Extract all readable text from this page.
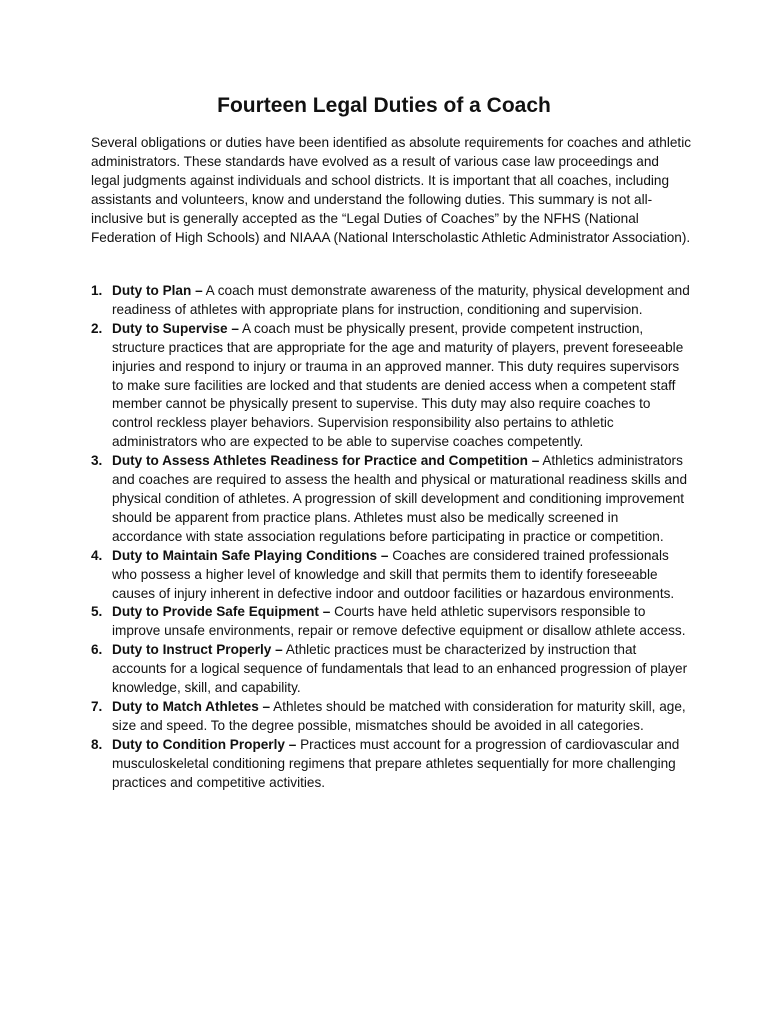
Fourteen Legal Duties of a Coach

Several obligations or duties have been identified as absolute requirements for coaches and athletic administrators. These standards have evolved as a result of various case law proceedings and legal judgments against individuals and school districts. It is important that all coaches, including assistants and volunteers, know and understand the following duties. This summary is not all-inclusive but is generally accepted as the “Legal Duties of Coaches” by the NFHS (National Federation of High Schools) and NIAAA (National Interscholastic Athletic Administrator Association).

1. Duty to Plan – A coach must demonstrate awareness of the maturity, physical development and readiness of athletes with appropriate plans for instruction, conditioning and supervision.
2. Duty to Supervise – A coach must be physically present, provide competent instruction, structure practices that are appropriate for the age and maturity of players, prevent foreseeable injuries and respond to injury or trauma in an approved manner. This duty requires supervisors to make sure facilities are locked and that students are denied access when a competent staff member cannot be physically present to supervise. This duty may also require coaches to control reckless player behaviors. Supervision responsibility also pertains to athletic administrators who are expected to be able to supervise coaches competently.
3. Duty to Assess Athletes Readiness for Practice and Competition – Athletics administrators and coaches are required to assess the health and physical or maturational readiness skills and physical condition of athletes. A progression of skill development and conditioning improvement should be apparent from practice plans. Athletes must also be medically screened in accordance with state association regulations before participating in practice or competition.
4. Duty to Maintain Safe Playing Conditions – Coaches are considered trained professionals who possess a higher level of knowledge and skill that permits them to identify foreseeable causes of injury inherent in defective indoor and outdoor facilities or hazardous environments.
5. Duty to Provide Safe Equipment – Courts have held athletic supervisors responsible to improve unsafe environments, repair or remove defective equipment or disallow athlete access.
6. Duty to Instruct Properly – Athletic practices must be characterized by instruction that accounts for a logical sequence of fundamentals that lead to an enhanced progression of player knowledge, skill, and capability.
7. Duty to Match Athletes – Athletes should be matched with consideration for maturity skill, age, size and speed. To the degree possible, mismatches should be avoided in all categories.
8. Duty to Condition Properly – Practices must account for a progression of cardiovascular and musculoskeletal conditioning regimens that prepare athletes sequentially for more challenging practices and competitive activities.
